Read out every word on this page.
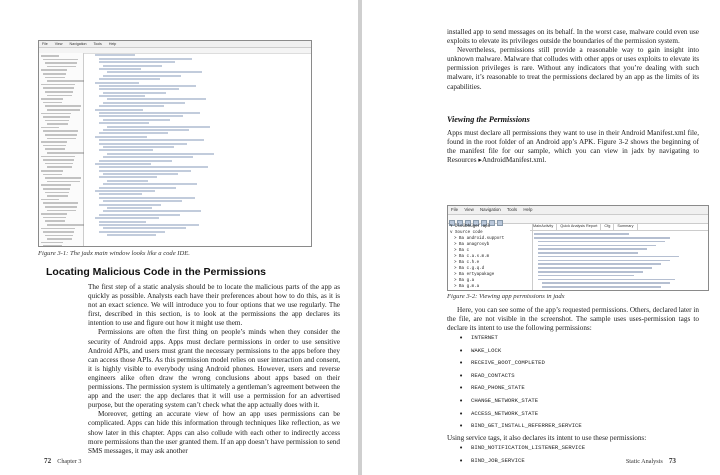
File View Navigation Tools Help
Figure 3-1: The jadx main window looks like a code IDE.
Locating Malicious Code in the Permissions

The first step of a static analysis should be to locate the malicious parts of the app as quickly as possible. Analysts each have their preferences about how to do this, as it is not an exact science. We will introduce you to four options that we use regularly. The first, described in this section, is to look at the permissions the app declares its intention to use and figure out how it might use them.

Permissions are often the first thing on people’s minds when they consider the security of Android apps. Apps must declare permissions in order to use sensitive Android APIs, and users must grant the necessary permissions to the apps before they can access those APIs. As this permission model relies on user interaction and consent, it is highly visible to everybody using Android phones. However, users and reverse engineers alike often draw the wrong conclusions about apps based on their permissions. The permission system is ultimately a gentleman’s agreement between the app and the user: the app declares that it will use a permission for an advertised purpose, but the operating system can’t check what the app actually does with it.

Moreover, getting an accurate view of how an app uses permissions can be complicated. Apps can hide this information through techniques like reflection, as we show later in this chapter. Apps can also collude with each other to indirectly access more permissions than the user granted them. If an app doesn’t have permission to send SMS messages, it may ask another

72 Chapter 3

installed app to send messages on its behalf. In the worst case, malware could even use exploits to elevate its privileges outside the boundaries of the permission system.

Nevertheless, permissions still provide a reasonable way to gain insight into unknown malware. Malware that colludes with other apps or uses exploits to elevate its permission privileges is rare. Without any indicators that you’re dealing with such malware, it’s reasonable to treat the permissions declared by an app as the limits of its capabilities.

Viewing the Permissions

Apps must declare all permissions they want to use in their Android Manifest.xml file, found in the root folder of an Android app’s APK. Figure 3-2 shows the beginning of the manifest file for our sample, which you can view in jadx by navigating to Resources ▸AndroidManifest.xml.

File View Navigation Tools Help
Y blooDhuger.apk
v Source code
> Ba android.support
> Ba anagroxyb
> Ba c
> Ba c.a.s.m.m
> Ba c.h.e
> Ba c.g.q.d
> Ba ertyapakage
> Ba g.a
> Ba g.m.a
MainActivity Quick Analysis Report Cfg Summary
Figure 3-2: Viewing app permissions in jadx

Here, you can see some of the app’s requested permissions. Others, declared later in the file, are not visible in the screenshot. The sample uses uses-permission tags to declare its intent to use the following permissions:

• INTERNET
• WAKE_LOCK
• RECEIVE_BOOT_COMPLETED
• READ_CONTACTS
• READ_PHONE_STATE
• CHANGE_NETWORK_STATE
• ACCESS_NETWORK_STATE
• BIND_GET_INSTALL_REFERRER_SERVICE

Using service tags, it also declares its intent to use these permissions:

• BIND_NOTIFICATION_LISTENER_SERVICE
• BIND_JOB_SERVICE	Static Analysis 73
